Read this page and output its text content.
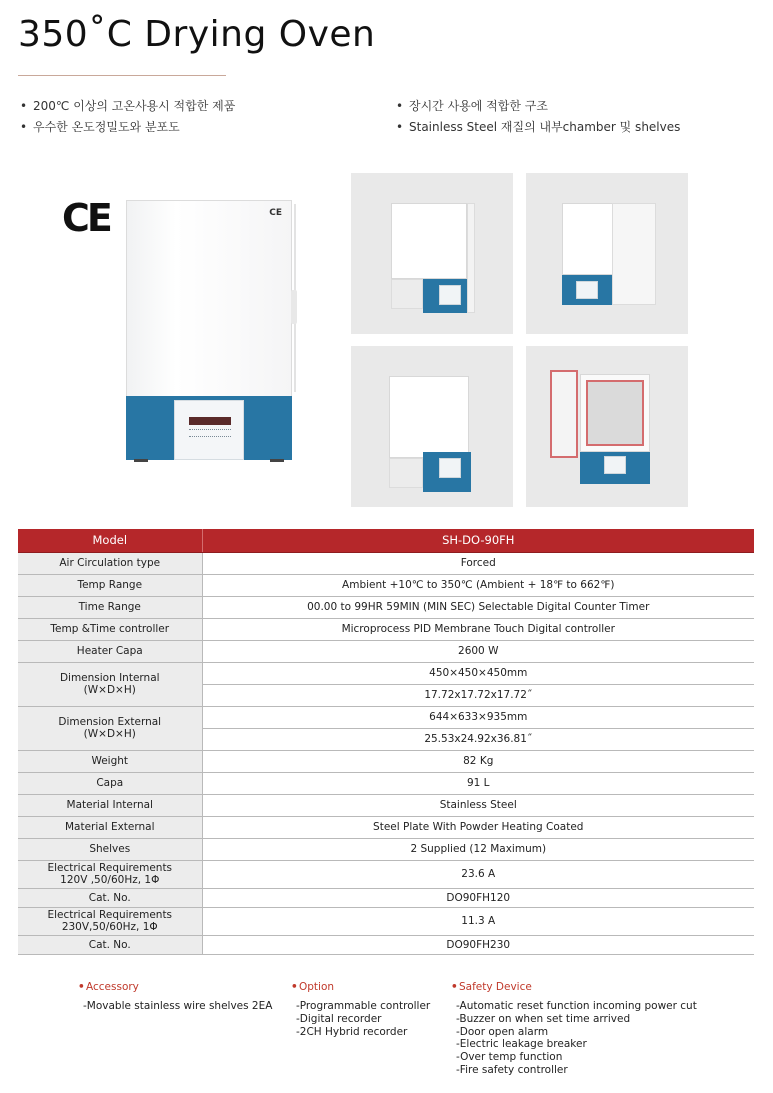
350˚C Drying Oven
• 200℃ 이상의 고온사용시 적합한 제품
• 우수한 온도정밀도와 분포도
• 장시간 사용에 적합한 구조
• Stainless Steel 재질의 내부chamber 및 shelves
CE	CE
Model	SH-DO-90FH
Air Circulation type	Forced
Temp Range	Ambient +10℃ to 350℃ (Ambient + 18℉ to 662℉)
Time Range	00.00 to 99HR 59MIN (MIN SEC) Selectable Digital Counter Timer
Temp &Time controller	Microprocess PID Membrane Touch Digital controller
Heater Capa	2600 W

Dimension Internal
(W×D×H)	450×450×450mm
	17.72x17.72x17.72˝

Dimension External
(W×D×H)	644×633×935mm
	25.53x24.92x36.81˝
Weight	82 Kg
Capa	91 L
Material Internal	Stainless Steel
Material External	Steel Plate With Powder Heating Coated
Shelves	2 Supplied (12 Maximum)

Electrical Requirements
120V ,50/60Hz, 1Φ	23.6 A
Cat. No.	DO90FH120

Electrical Requirements
230V,50/60Hz, 1Φ	11.3 A
Cat. No.	DO90FH230
•Accessory
-Movable stainless wire shelves 2EA
•Option
-Programmable controller
-Digital recorder
-2CH Hybrid recorder
•Safety Device
-Automatic reset function incoming power cut
-Buzzer on when set time arrived
-Door open alarm
-Electric leakage breaker
-Over temp function
-Fire safety controller
